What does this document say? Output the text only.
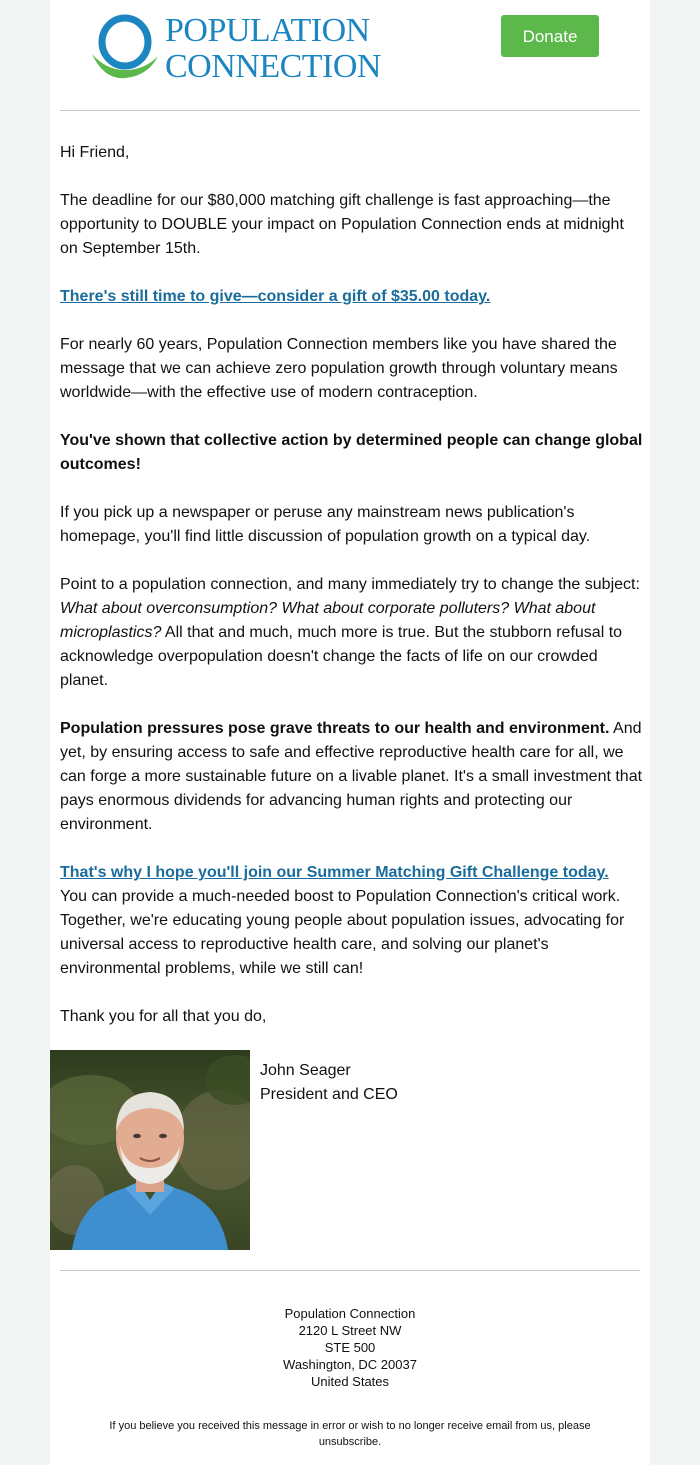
POPULATION
CONNECTION
Donate

Hi Friend,

The deadline for our $80,000 matching gift challenge is fast approaching—the opportunity to DOUBLE your impact on Population Connection ends at midnight on September 15th.

There's still time to give—consider a gift of $35.00 today.

For nearly 60 years, Population Connection members like you have shared the message that we can achieve zero population growth through voluntary means worldwide—with the effective use of modern contraception.

You've shown that collective action by determined people can change global outcomes!

If you pick up a newspaper or peruse any mainstream news publication's homepage, you'll find little discussion of population growth on a typical day.

Point to a population connection, and many immediately try to change the subject: What about overconsumption? What about corporate polluters? What about microplastics? All that and much, much more is true. But the stubborn refusal to acknowledge overpopulation doesn't change the facts of life on our crowded planet.

Population pressures pose grave threats to our health and environment. And yet, by ensuring access to safe and effective reproductive health care for all, we can forge a more sustainable future on a livable planet. It's a small investment that pays enormous dividends for advancing human rights and protecting our environment.

That's why I hope you'll join our Summer Matching Gift Challenge today.

You can provide a much-needed boost to Population Connection's critical work. Together, we're educating young people about population issues, advocating for universal access to reproductive health care, and solving our planet's environmental problems, while we still can!

Thank you for all that you do,

John Seager
President and CEO
Population Connection
2120 L Street NW
STE 500
Washington, DC 20037
United States
If you believe you received this message in error or wish to no longer receive email from us, please unsubscribe.
